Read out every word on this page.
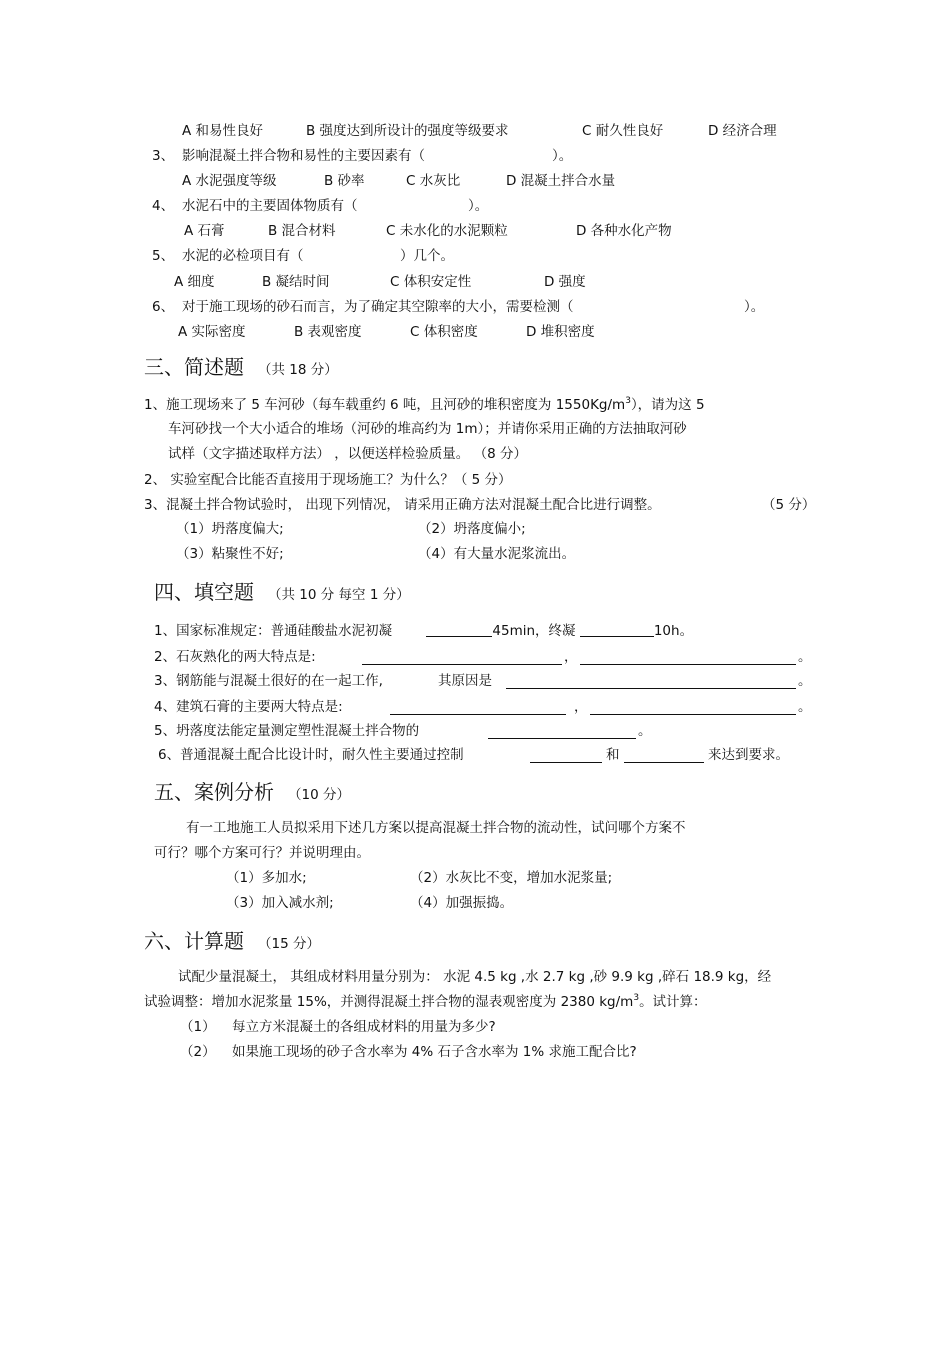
A 和易性良好	B 强度达到所设计的强度等级要求	C 耐久性良好	D 经济合理
3、 影响混凝土拌合物和易性的主要因素有（	）。
A 水泥强度等级	B 砂率	C 水灰比	D 混凝土拌合水量
4、 水泥石中的主要固体物质有（	）。
A 石膏	B 混合材料	C 未水化的水泥颗粒	D 各种水化产物
5、 水泥的必检项目有（	）几个。
A 细度	B 凝结时间	C 体积安定性	D 强度
6、 对于施工现场的砂石而言，为了确定其空隙率的大小，需要检测（	）。
A 实际密度	B 表观密度	C 体积密度	D 堆积密度
三、简述题 （共 18 分）
1、施工现场来了 5 车河砂（每车载重约 6 吨，且河砂的堆积密度为 $1550Kg/m^3$），请为这 5
车河砂找一个大小适合的堆场（河砂的堆高约为 1m）；并请你采用正确的方法抽取河砂
试样（文字描述取样方法） ，以便送样检验质量。 （8 分）
2、 实验室配合比能否直接用于现场施工？为什么？（ 5 分）
3、混凝土拌合物试验时， 出现下列情况， 请采用正确方法对混凝土配合比进行调整。	（5 分）
（1）坍落度偏大;	（2）坍落度偏小;
（3）粘聚性不好;	（4）有大量水泥浆流出。
四、填空题 （共 10 分 每空 1 分）
1、国家标准规定：普通硅酸盐水泥初凝	45min，终凝	10h。
2、石灰熟化的两大特点是:	，	。
3、钢筋能与混凝土很好的在一起工作,	其原因是	。
4、建筑石膏的主要两大特点是:	，	。
5、坍落度法能定量测定塑性混凝土拌合物的	。
6、普通混凝土配合比设计时，耐久性主要通过控制	和	来达到要求。
五、案例分析 （10 分）
有一工地施工人员拟采用下述几方案以提高混凝土拌合物的流动性，试问哪个方案不
可行？哪个方案可行？并说明理由。
（1）多加水;	（2）水灰比不变，增加水泥浆量;
（3）加入减水剂;	（4）加强振捣。
六、计算题 （15 分）
试配少量混凝土， 其组成材料用量分别为： 水泥 4.5 kg ,水 2.7 kg ,砂 9.9 kg ,碎石 18.9 kg，经
试验调整：增加水泥浆量 15%，并测得混凝土拌合物的湿表观密度为 2380 $kg/m^3$。试计算：
（1） 每立方米混凝土的各组成材料的用量为多少?
（2） 如果施工现场的砂子含水率为 4% 石子含水率为 1% 求施工配合比?
